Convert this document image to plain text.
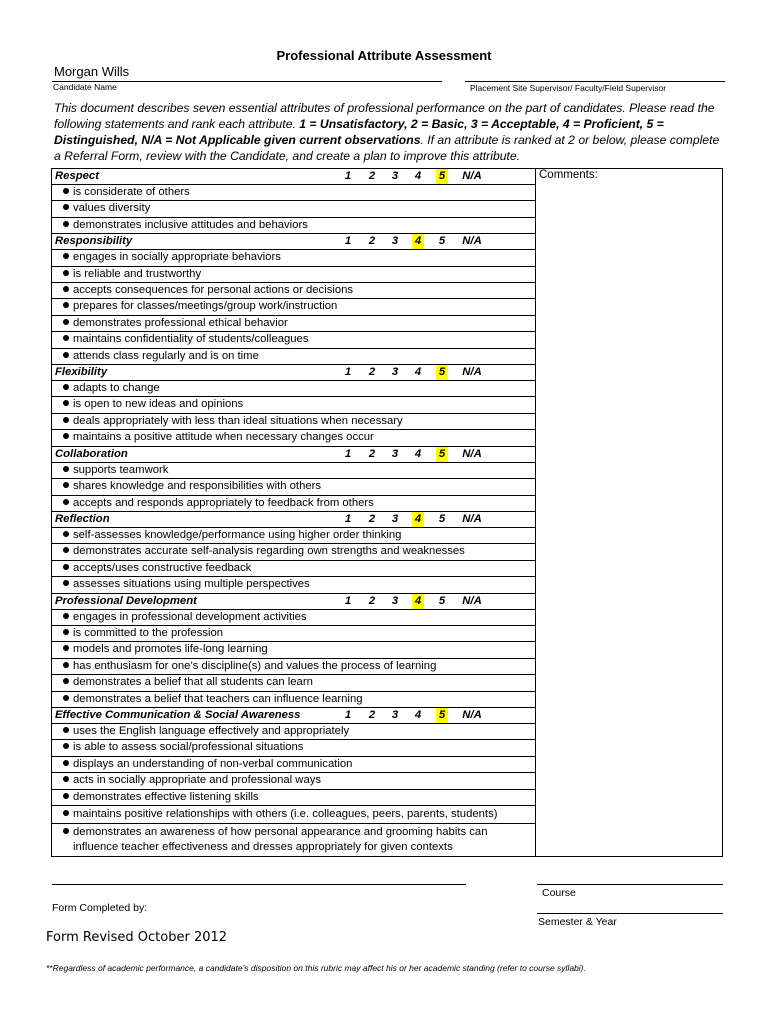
Professional Attribute Assessment
Morgan Wills
Candidate Name	Placement Site Supervisor/ Faculty/Field Supervisor
This document describes seven essential attributes of professional performance on the part of candidates. Please read the following statements and rank each attribute. 1 = Unsatisfactory, 2 = Basic, 3 = Acceptable, 4 = Proficient, 5 = Distinguished, N/A = Not Applicable given current observations. If an attribute is ranked at 2 or below, please complete a Referral Form, review with the Candidate, and create a plan to improve this attribute.
Respect	1 2 3 4 5 N/A	Comments:

is considerate of others

values diversity

demonstrates inclusive attitudes and behaviors

Responsibility	1 2 3 4 5 N/A

engages in socially appropriate behaviors

is reliable and trustworthy

accepts consequences for personal actions or decisions

prepares for classes/meetings/group work/instruction

demonstrates professional ethical behavior

maintains confidentiality of students/colleagues

attends class regularly and is on time

Flexibility	1 2 3 4 5 N/A

adapts to change

is open to new ideas and opinions

deals appropriately with less than ideal situations when necessary

maintains a positive attitude when necessary changes occur

Collaboration	1 2 3 4 5 N/A

supports teamwork

shares knowledge and responsibilities with others

accepts and responds appropriately to feedback from others

Reflection	1 2 3 4 5 N/A

self-assesses knowledge/performance using higher order thinking

demonstrates accurate self-analysis regarding own strengths and weaknesses

accepts/uses constructive feedback

assesses situations using multiple perspectives

Professional Development	1 2 3 4 5 N/A

engages in professional development activities

is committed to the profession

models and promotes life-long learning

has enthusiasm for one’s discipline(s) and values the process of learning

demonstrates a belief that all students can learn

demonstrates a belief that teachers can influence learning

Effective Communication & Social Awareness	1 2 3 4 5 N/A

uses the English language effectively and appropriately

is able to assess social/professional situations

displays an understanding of non-verbal communication

acts in socially appropriate and professional ways

demonstrates effective listening skills

maintains positive relationships with others (i.e. colleagues, peers, parents, students)

demonstrates an awareness of how personal appearance and grooming habits can influence teacher effectiveness and dresses appropriately for given contexts
Course
Form Completed by:
Semester & Year
Form Revised October 2012
**Regardless of academic performance, a candidate’s disposition on this rubric may affect his or her academic standing (refer to course syllabi).
